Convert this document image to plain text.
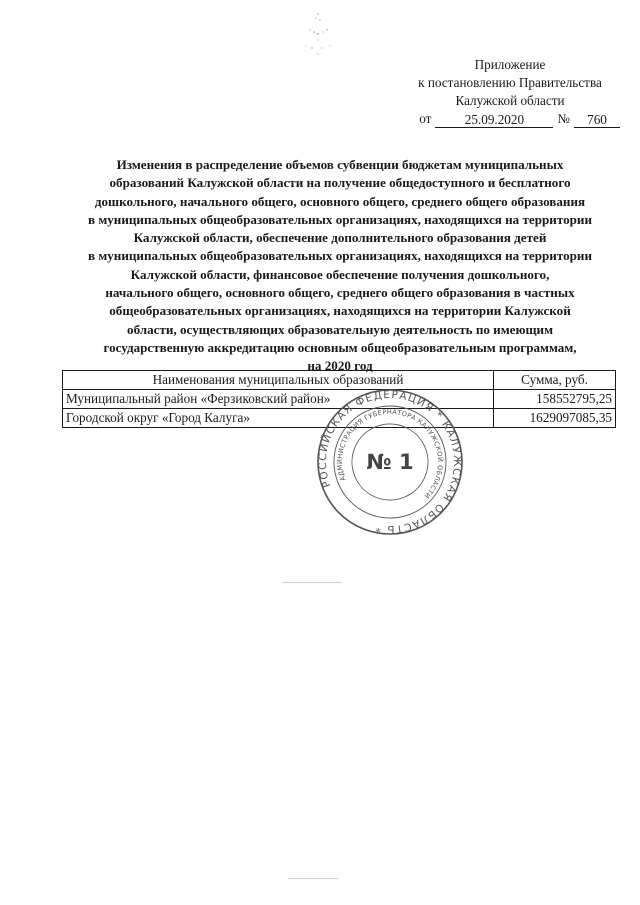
Приложение
к постановлению Правительства
Калужской области
от	25.09.2020	№	760
Изменения в распределение объемов субвенции бюджетам муниципальных
образований Калужской области на получение общедоступного и бесплатного
дошкольного, начального общего, основного общего, среднего общего образования
в муниципальных общеобразовательных организациях, находящихся на территории
Калужской области, обеспечение дополнительного образования детей
в муниципальных общеобразовательных организациях, находящихся на территории
Калужской области, финансовое обеспечение получения дошкольного,
начального общего, основного общего, среднего общего образования в частных
общеобразовательных организациях, находящихся на территории Калужской
области, осуществляющих образовательную деятельность по имеющим
государственную аккредитацию основным общеобразовательным программам,
на 2020 год
Наименования муниципальных образований	Сумма, руб.
Муниципальный район «Ферзиковский район»	158552795,25
Городской округ «Город Калуга»	1629097085,35
РОССИЙСКАЯ ФЕДЕРАЦИЯ * КАЛУЖСКАЯ ОБЛАСТЬ *
АДМИНИСТРАЦИЯ ГУБЕРНАТОРА КАЛУЖСКОЙ ОБЛАСТИ
№ 1
